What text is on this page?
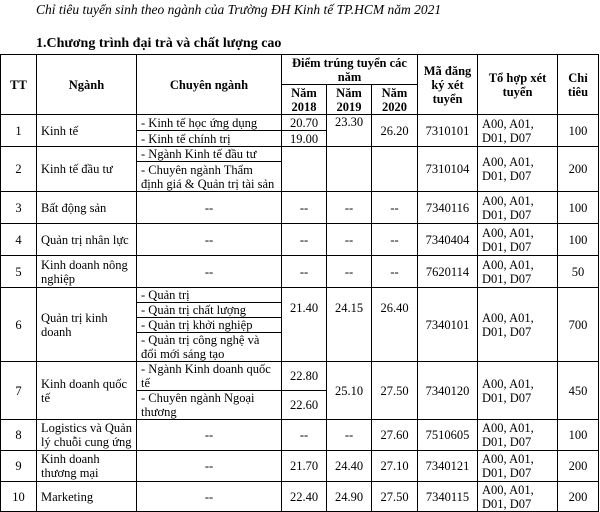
Chỉ tiêu tuyển sinh theo ngành của Trường ĐH Kinh tế TP.HCM năm 2021
1.Chương trình đại trà và chất lượng cao
TT	Ngành	Chuyên ngành	Điểm trúng tuyển các năm			Mã đăng ký xét tuyển	Tổ hợp xét tuyển	Chỉ tiêu
			Năm 2018	Năm 2019	Năm 2020			
1	Kinh tế	- Kinh tế học ứng dụng	20.70	23.30	26.20	7310101	A00, A01, D01, D07	100
		- Kinh tế chính trị	19.00					
2	Kinh tế đầu tư	- Ngành Kinh tế đầu tư				7310104	A00, A01, D01, D07	200
		- Chuyên ngành Thẩm định giá & Quản trị tài sản						
3	Bất động sản	--	--	--	--	7340116	A00, A01, D01, D07	100
4	Quản trị nhân lực	--	--	--	--	7340404	A00, A01, D01, D07	100
5	Kinh doanh nông nghiệp	--	--	--	--	7620114	A00, A01, D01, D07	50
6	Quản trị kinh doanh	- Quản trị	21.40	24.15	26.40	7340101	A00, A01, D01, D07	700
		- Quản trị chất lượng						
		- Quản trị khởi nghiệp						
		- Quản trị công nghệ và đổi mới sáng tạo						
7	Kinh doanh quốc tế	- Ngành Kinh doanh quốc tế	22.80	25.10	27.50	7340120	A00, A01, D01, D07	450
		- Chuyên ngành Ngoại thương	22.60					
8	Logistics và Quản lý chuỗi cung ứng	--	--	--	27.60	7510605	A00, A01, D01, D07	100
9	Kinh doanh thương mại	--	21.70	24.40	27.10	7340121	A00, A01, D01, D07	200
10	Marketing	--	22.40	24.90	27.50	7340115	A00, A01, D01, D07	200
